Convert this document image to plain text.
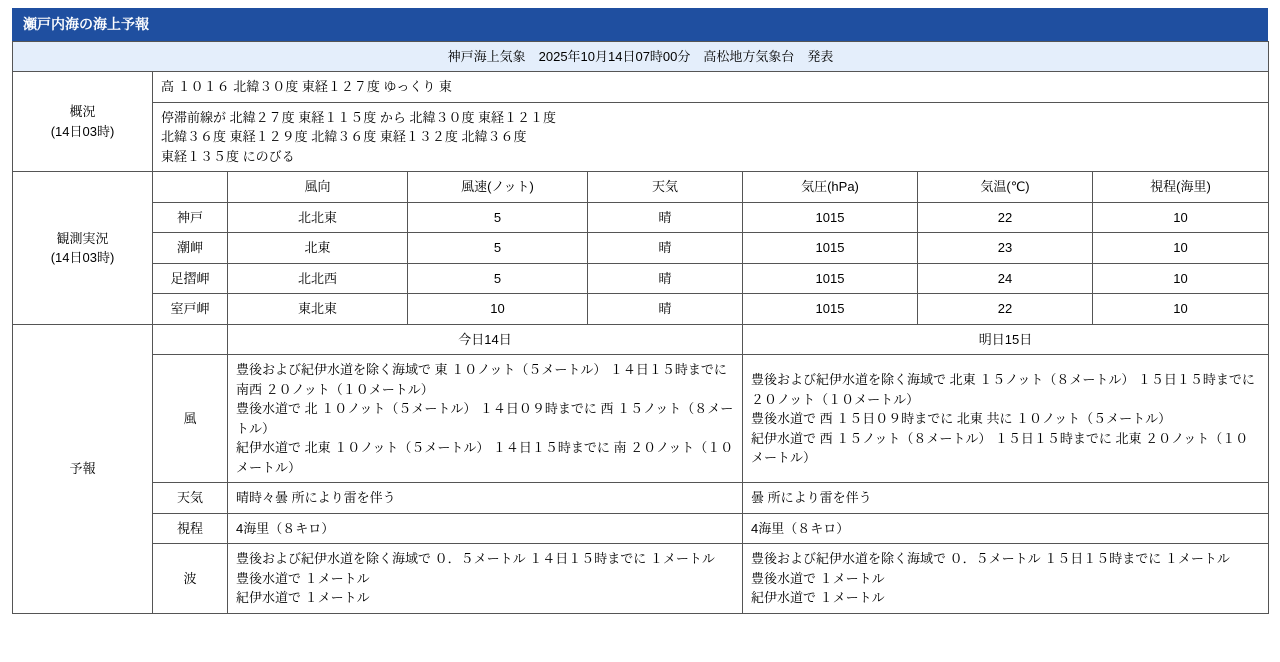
瀬戸内海の海上予報
神戸海上気象　2025年10月14日07時00分　高松地方気象台　発表							

概況
(14日03時)	高 １０１６ 北緯３０度 東経１２７度 ゆっくり 東						

	停滞前線が 北緯２７度 東経１１５度 から 北緯３０度 東経１２１度
北緯３６度 東経１２９度 北緯３６度 東経１３２度 北緯３６度
東経１３５度 にのびる						

観測実況
(14日03時)		風向	風速(ノット)	天気	気圧(hPa)	気温(℃)	視程(海里)
	神戸	北北東	5	晴	1015	22	10
	潮岬	北東	5	晴	1015	23	10
	足摺岬	北北西	5	晴	1015	24	10
	室戸岬	東北東	10	晴	1015	22	10
予報		今日14日			明日15日		
	風	豊後および紀伊水道を除く海域で 東 １０ノット（５メートル） １４日１５時までに 南西 ２０ノット（１０メートル）
豊後水道で 北 １０ノット（５メートル） １４日０９時までに 西 １５ノット（８メートル）
紀伊水道で 北東 １０ノット（５メートル） １４日１５時までに 南 ２０ノット（１０メートル）			豊後および紀伊水道を除く海域で 北東 １５ノット（８メートル） １５日１５時までに ２０ノット（１０メートル）
豊後水道で 西 １５日０９時までに 北東 共に １０ノット（５メートル）
紀伊水道で 西 １５ノット（８メートル） １５日１５時までに 北東 ２０ノット（１０メートル）		

	天気	晴時々曇 所により雷を伴う			曇 所により雷を伴う		
	視程	4海里（８キロ）			4海里（８キロ）		
	波	豊後および紀伊水道を除く海域で ０．５メートル １４日１５時までに １メートル
豊後水道で １メートル
紀伊水道で １メートル			豊後および紀伊水道を除く海域で ０．５メートル １５日１５時までに １メートル
豊後水道で １メートル
紀伊水道で １メートル		
